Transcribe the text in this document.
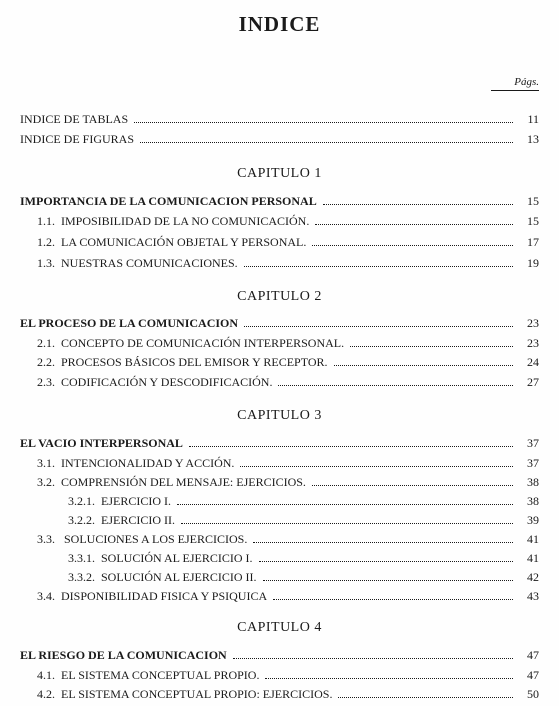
INDICE
Págs.
INDICE DE TABLAS	11
INDICE DE FIGURAS	13
CAPITULO 1
IMPORTANCIA DE LA COMUNICACION PERSONAL	15
1.1. IMPOSIBILIDAD DE LA NO COMUNICACIÓN.	15
1.2. LA COMUNICACIÓN OBJETAL Y PERSONAL.	17
1.3. NUESTRAS COMUNICACIONES.	19
CAPITULO 2
EL PROCESO DE LA COMUNICACION	23
2.1. CONCEPTO DE COMUNICACIÓN INTERPERSONAL.	23
2.2. PROCESOS BÁSICOS DEL EMISOR Y RECEPTOR.	24
2.3. CODIFICACIÓN Y DESCODIFICACIÓN.	27
CAPITULO 3
EL VACIO INTERPERSONAL	37
3.1. INTENCIONALIDAD Y ACCIÓN.	37
3.2. COMPRENSIÓN DEL MENSAJE: EJERCICIOS.	38
3.2.1. EJERCICIO I.	38
3.2.2. EJERCICIO II.	39
3.3. SOLUCIONES A LOS EJERCICIOS.	41
3.3.1. SOLUCIÓN AL EJERCICIO I.	41
3.3.2. SOLUCIÓN AL EJERCICIO II.	42
3.4. DISPONIBILIDAD FISICA Y PSIQUICA	43
CAPITULO 4
EL RIESGO DE LA COMUNICACION	47
4.1. EL SISTEMA CONCEPTUAL PROPIO.	47
4.2. EL SISTEMA CONCEPTUAL PROPIO: EJERCICIOS.	50
